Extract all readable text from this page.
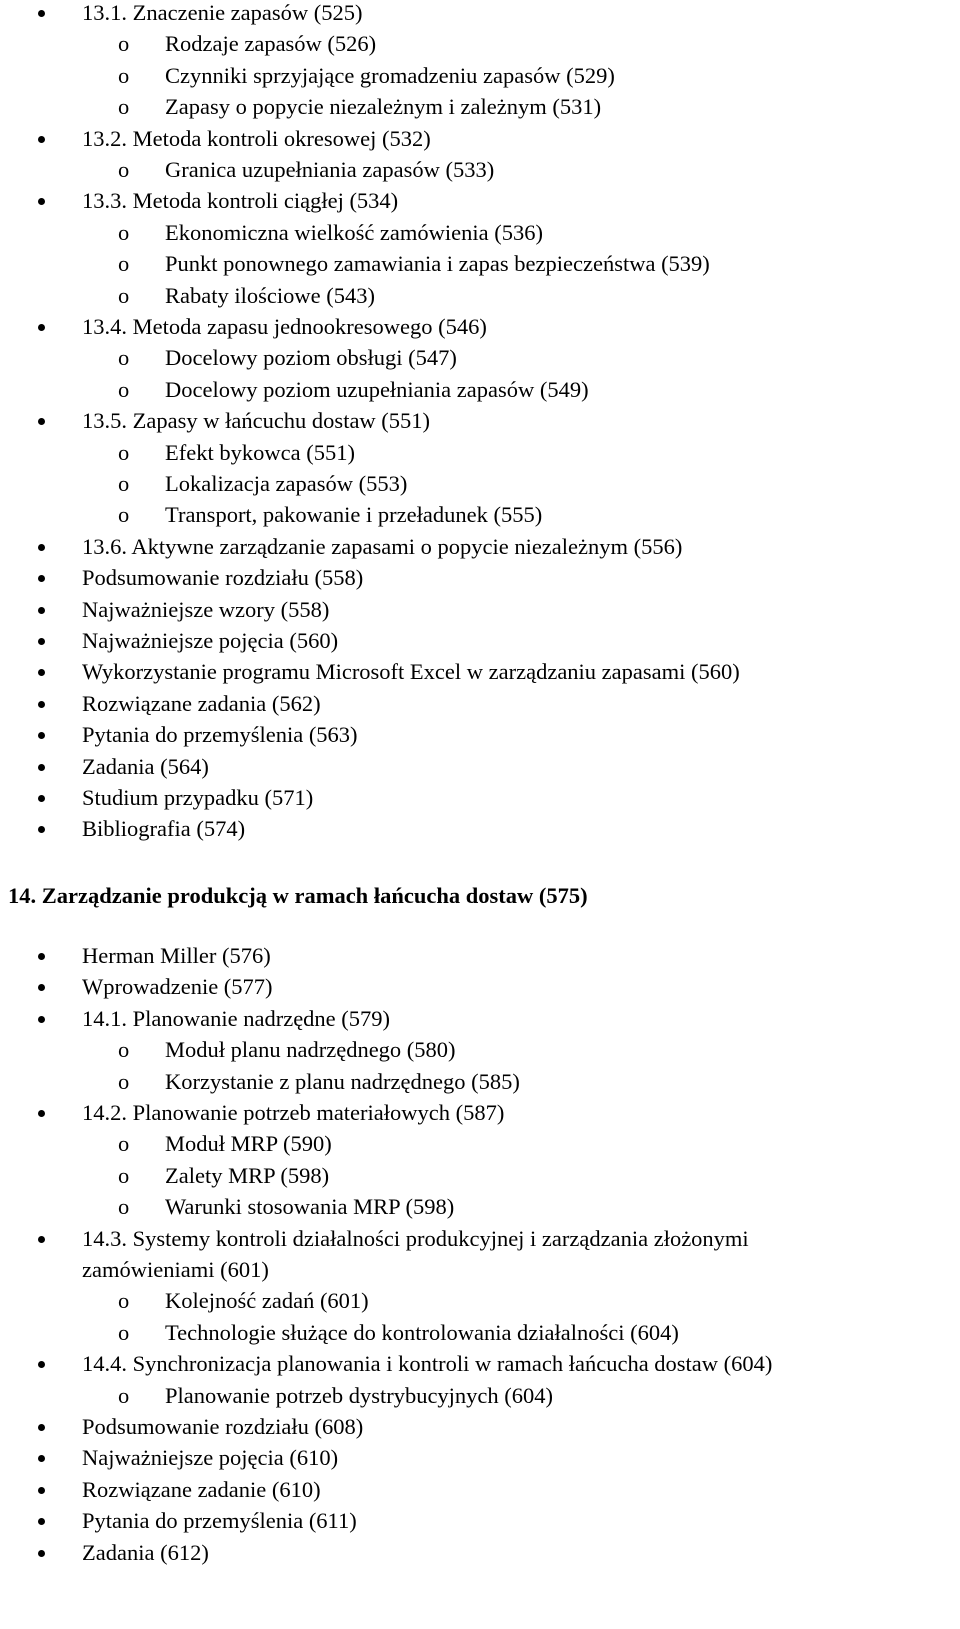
13.1. Znaczenie zapasów (525)
o Rodzaje zapasów (526)
o Czynniki sprzyjające gromadzeniu zapasów (529)
o Zapasy o popycie niezależnym i zależnym (531)
13.2. Metoda kontroli okresowej (532)
o Granica uzupełniania zapasów (533)
13.3. Metoda kontroli ciągłej (534)
o Ekonomiczna wielkość zamówienia (536)
o Punkt ponownego zamawiania i zapas bezpieczeństwa (539)
o Rabaty ilościowe (543)
13.4. Metoda zapasu jednookresowego (546)
o Docelowy poziom obsługi (547)
o Docelowy poziom uzupełniania zapasów (549)
13.5. Zapasy w łańcuchu dostaw (551)
o Efekt bykowca (551)
o Lokalizacja zapasów (553)
o Transport, pakowanie i przeładunek (555)
13.6. Aktywne zarządzanie zapasami o popycie niezależnym (556)
Podsumowanie rozdziału (558)
Najważniejsze wzory (558)
Najważniejsze pojęcia (560)
Wykorzystanie programu Microsoft Excel w zarządzaniu zapasami (560)
Rozwiązane zadania (562)
Pytania do przemyślenia (563)
Zadania (564)
Studium przypadku (571)
Bibliografia (574)
14. Zarządzanie produkcją w ramach łańcucha dostaw (575)
Herman Miller (576)
Wprowadzenie (577)
14.1. Planowanie nadrzędne (579)
o Moduł planu nadrzędnego (580)
o Korzystanie z planu nadrzędnego (585)
14.2. Planowanie potrzeb materiałowych (587)
o Moduł MRP (590)
o Zalety MRP (598)
o Warunki stosowania MRP (598)
14.3. Systemy kontroli działalności produkcyjnej i zarządzania złożonymi
zamówieniami (601)
o Kolejność zadań (601)
o Technologie służące do kontrolowania działalności (604)
14.4. Synchronizacja planowania i kontroli w ramach łańcucha dostaw (604)
o Planowanie potrzeb dystrybucyjnych (604)
Podsumowanie rozdziału (608)
Najważniejsze pojęcia (610)
Rozwiązane zadanie (610)
Pytania do przemyślenia (611)
Zadania (612)
